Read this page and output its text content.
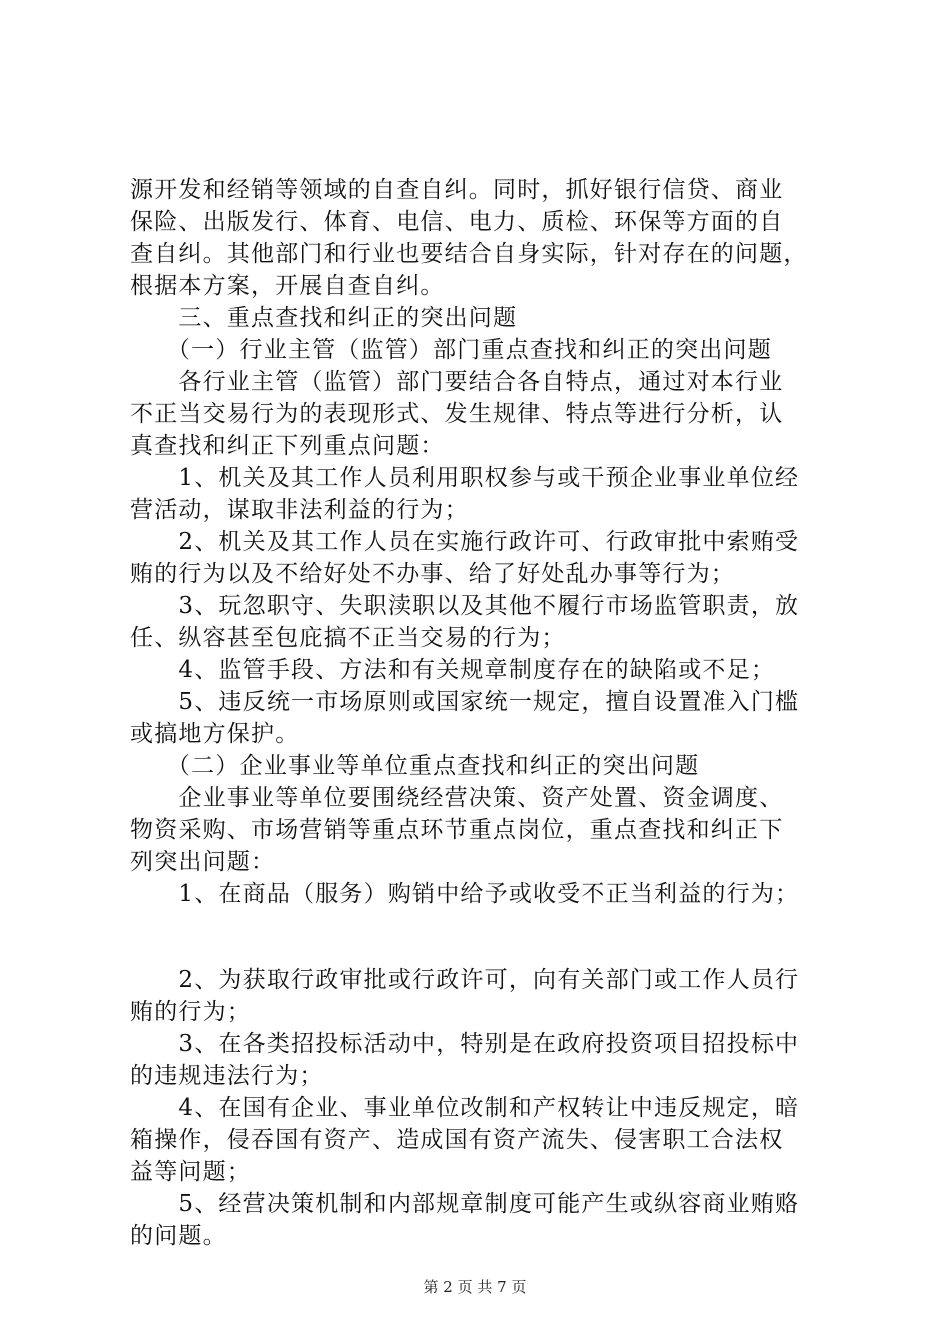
源开发和经销等领域的自查自纠。同时，抓好银行信贷、商业
保险、出版发行、体育、电信、电力、质检、环保等方面的自
查自纠。其他部门和行业也要结合自身实际，针对存在的问题，
根据本方案，开展自查自纠。
　　三、重点查找和纠正的突出问题
　　（一）行业主管（监管）部门重点查找和纠正的突出问题
　　各行业主管（监管）部门要结合各自特点，通过对本行业
不正当交易行为的表现形式、发生规律、特点等进行分析，认
真查找和纠正下列重点问题：
　　1、机关及其工作人员利用职权参与或干预企业事业单位经
营活动，谋取非法利益的行为；
　　2、机关及其工作人员在实施行政许可、行政审批中索贿受
贿的行为以及不给好处不办事、给了好处乱办事等行为；
　　3、玩忽职守、失职渎职以及其他不履行市场监管职责，放
任、纵容甚至包庇搞不正当交易的行为；
　　4、监管手段、方法和有关规章制度存在的缺陷或不足；
　　5、违反统一市场原则或国家统一规定，擅自设置准入门槛
或搞地方保护。
　　（二）企业事业等单位重点查找和纠正的突出问题
　　企业事业等单位要围绕经营决策、资产处置、资金调度、
物资采购、市场营销等重点环节重点岗位，重点查找和纠正下
列突出问题：
　　1、在商品（服务）购销中给予或收受不正当利益的行为；
　　2、为获取行政审批或行政许可，向有关部门或工作人员行
贿的行为；
　　3、在各类招投标活动中，特别是在政府投资项目招投标中
的违规违法行为；
　　4、在国有企业、事业单位改制和产权转让中违反规定，暗
箱操作，侵吞国有资产、造成国有资产流失、侵害职工合法权
益等问题；
　　5、经营决策机制和内部规章制度可能产生或纵容商业贿赂
的问题。
第 2 页 共 7 页
